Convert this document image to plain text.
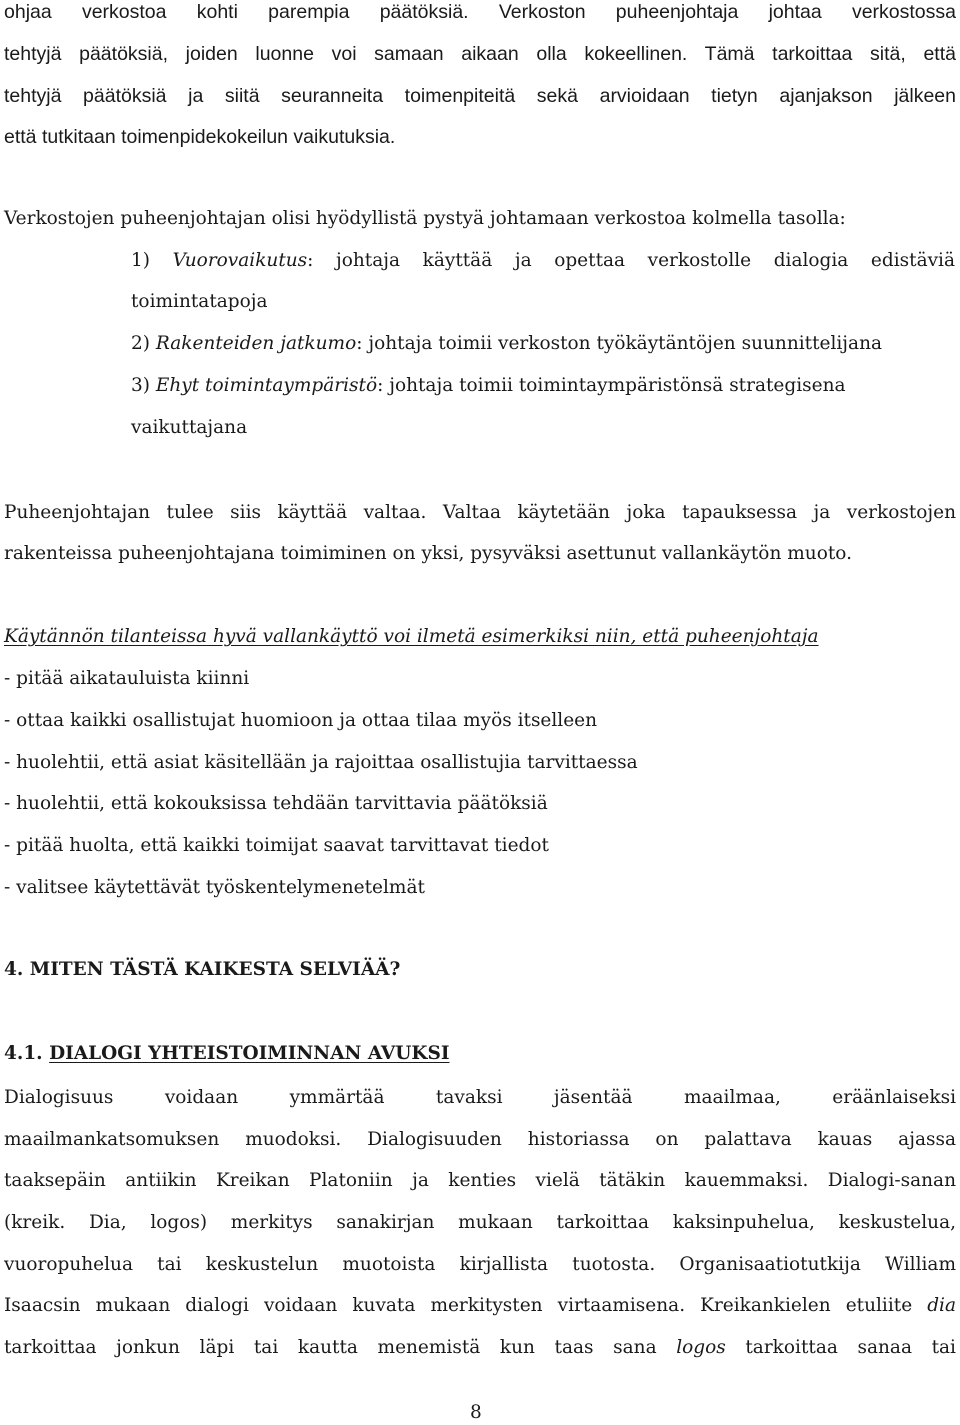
ohjaa verkostoa kohti parempia päätöksiä. Verkoston puheenjohtaja johtaa verkostossa
tehtyjä päätöksiä, joiden luonne voi samaan aikaan olla kokeellinen. Tämä tarkoittaa sitä, että
tehtyjä päätöksiä ja siitä seuranneita toimenpiteitä sekä arvioidaan tietyn ajanjakson jälkeen
että tutkitaan toimenpidekokeilun vaikutuksia.
Verkostojen puheenjohtajan olisi hyödyllistä pystyä johtamaan verkostoa kolmella tasolla:
1) Vuorovaikutus: johtaja käyttää ja opettaa verkostolle dialogia edistäviä
toimintatapoja
2) Rakenteiden jatkumo: johtaja toimii verkoston työkäytäntöjen suunnittelijana
3) Ehyt toimintaympäristö: johtaja toimii toimintaympäristönsä strategisena
vaikuttajana
Puheenjohtajan tulee siis käyttää valtaa. Valtaa käytetään joka tapauksessa ja verkostojen
rakenteissa puheenjohtajana toimiminen on yksi, pysyväksi asettunut vallankäytön muoto.
Käytännön tilanteissa hyvä vallankäyttö voi ilmetä esimerkiksi niin, että puheenjohtaja
- pitää aikatauluista kiinni
- ottaa kaikki osallistujat huomioon ja ottaa tilaa myös itselleen
- huolehtii, että asiat käsitellään ja rajoittaa osallistujia tarvittaessa
- huolehtii, että kokouksissa tehdään tarvittavia päätöksiä
- pitää huolta, että kaikki toimijat saavat tarvittavat tiedot
- valitsee käytettävät työskentelymenetelmät
4. MITEN TÄSTÄ KAIKESTA SELVIÄÄ?
4.1. DIALOGI YHTEISTOIMINNAN AVUKSI
Dialogisuus voidaan ymmärtää tavaksi jäsentää maailmaa, eräänlaiseksi
maailmankatsomuksen muodoksi. Dialogisuuden historiassa on palattava kauas ajassa
taaksepäin antiikin Kreikan Platoniin ja kenties vielä tätäkin kauemmaksi. Dialogi-sanan
(kreik. Dia, logos) merkitys sanakirjan mukaan tarkoittaa kaksinpuhelua, keskustelua,
vuoropuhelua tai keskustelun muotoista kirjallista tuotosta. Organisaatiotutkija William
Isaacsin mukaan dialogi voidaan kuvata merkitysten virtaamisena. Kreikankielen etuliite dia
tarkoittaa jonkun läpi tai kautta menemistä kun taas sana logos tarkoittaa sanaa tai
8
